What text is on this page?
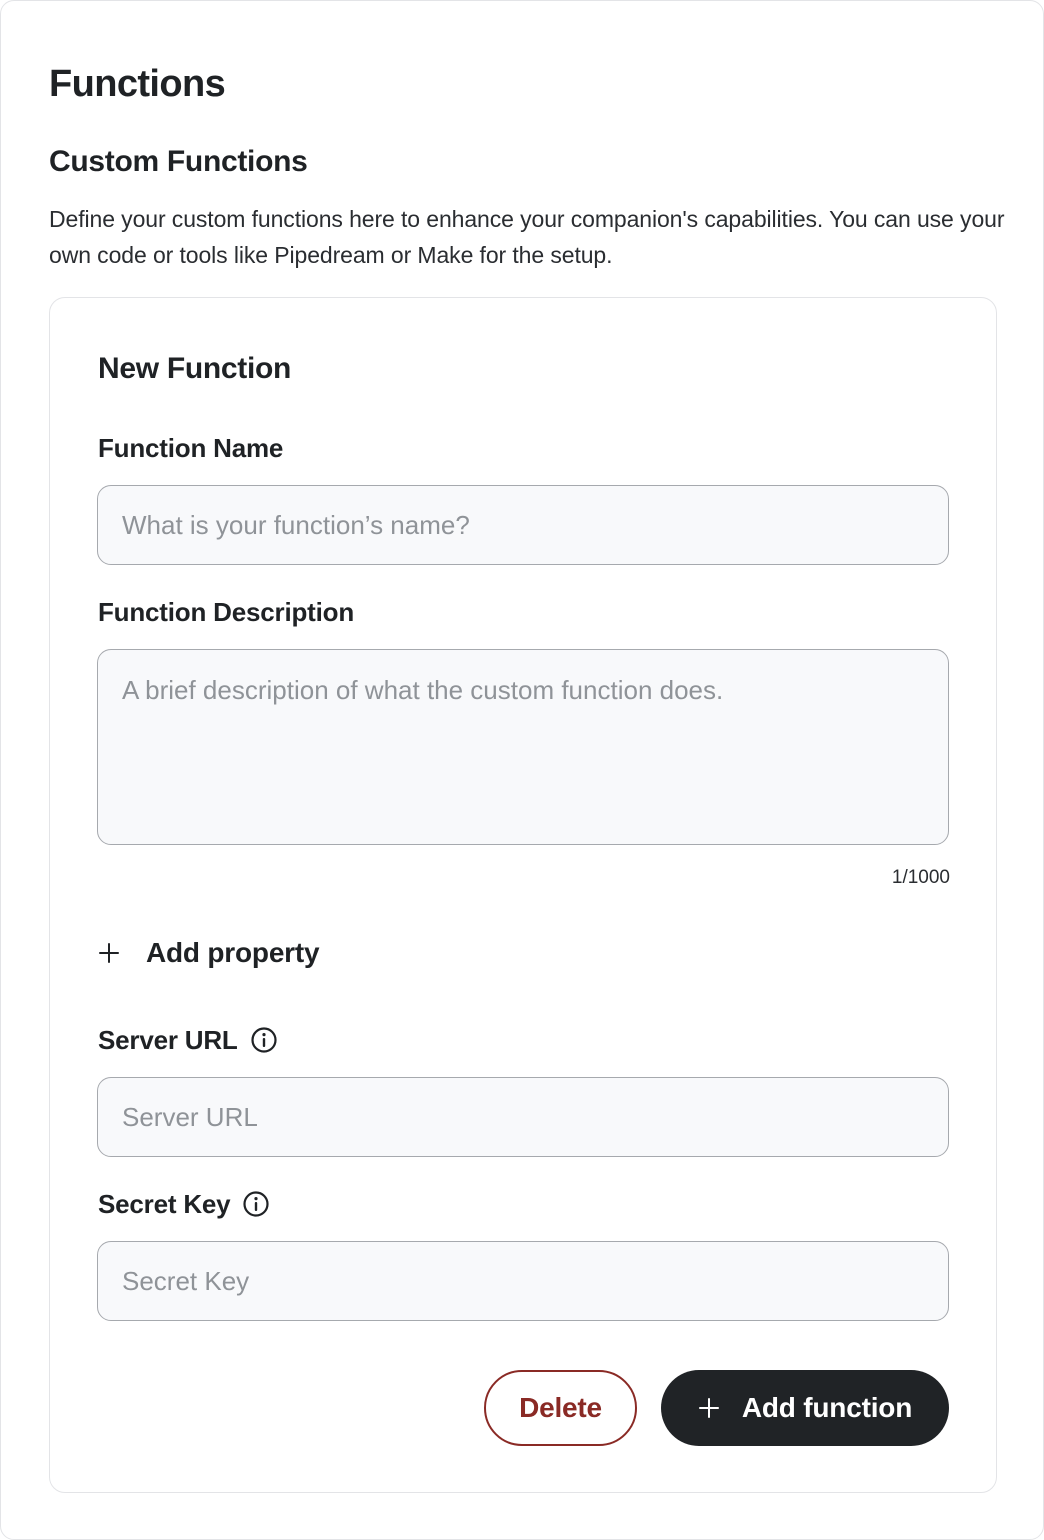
Functions
Custom Functions

Define your custom functions here to enhance your companion's capabilities. You can use your own code or tools like Pipedream or Make for the setup.

New Function
Function Name
What is your function’s name?
Function Description
A brief description of what the custom function does.
1/1000
Add property
Server URL
Server URL
Secret Key
Secret Key
Delete	Add function
